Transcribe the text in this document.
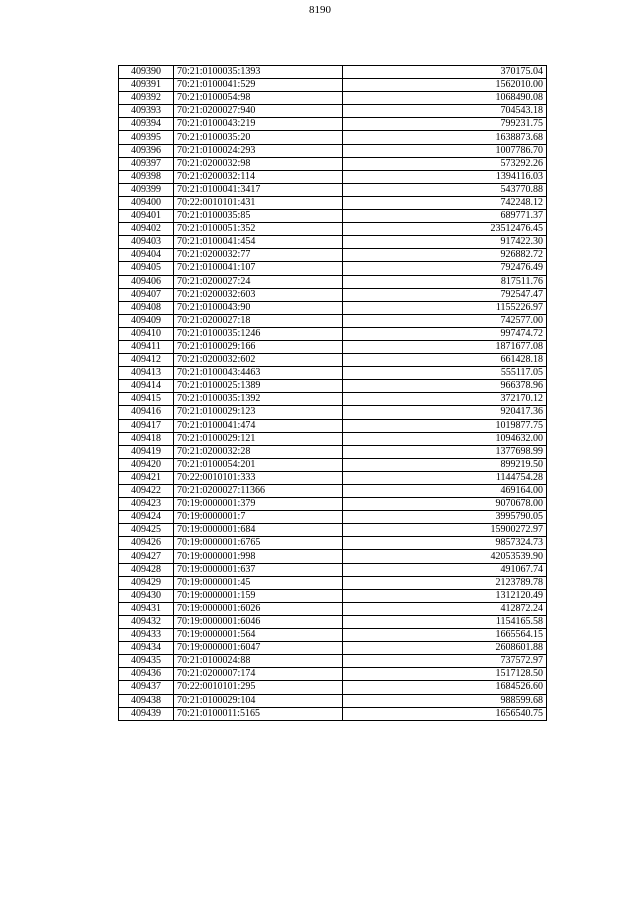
8190
409390	70:21:0100035:1393	370175.04
409391	70:21:0100041:529	1562010.00
409392	70:21:0100054:98	1068490.08
409393	70:21:0200027:940	704543.18
409394	70:21:0100043:219	799231.75
409395	70:21:0100035:20	1638873.68
409396	70:21:0100024:293	1007786.70
409397	70:21:0200032:98	573292.26
409398	70:21:0200032:114	1394116.03
409399	70:21:0100041:3417	543770.88
409400	70:22:0010101:431	742248.12
409401	70:21:0100035:85	689771.37
409402	70:21:0100051:352	23512476.45
409403	70:21:0100041:454	917422.30
409404	70:21:0200032:77	926882.72
409405	70:21:0100041:107	792476.49
409406	70:21:0200027:24	817511.76
409407	70:21:0200032:603	792547.47
409408	70:21:0100043:90	1155226.97
409409	70:21:0200027:18	742577.00
409410	70:21:0100035:1246	997474.72
409411	70:21:0100029:166	1871677.08
409412	70:21:0200032:602	661428.18
409413	70:21:0100043:4463	555117.05
409414	70:21:0100025:1389	966378.96
409415	70:21:0100035:1392	372170.12
409416	70:21:0100029:123	920417.36
409417	70:21:0100041:474	1019877.75
409418	70:21:0100029:121	1094632.00
409419	70:21:0200032:28	1377698.99
409420	70:21:0100054:201	899219.50
409421	70:22:0010101:333	1144754.28
409422	70:21:0200027:11366	469164.00
409423	70:19:0000001:379	9070678.00
409424	70:19:0000001:7	3995790.05
409425	70:19:0000001:684	15900272.97
409426	70:19:0000001:6765	9857324.73
409427	70:19:0000001:998	42053539.90
409428	70:19:0000001:637	491067.74
409429	70:19:0000001:45	2123789.78
409430	70:19:0000001:159	1312120.49
409431	70:19:0000001:6026	412872.24
409432	70:19:0000001:6046	1154165.58
409433	70:19:0000001:564	1665564.15
409434	70:19:0000001:6047	2608601.88
409435	70:21:0100024:88	737572.97
409436	70:21:0200007:174	1517128.50
409437	70:22:0010101:295	1684526.60
409438	70:21:0100029:104	988599.68
409439	70:21:0100011:5165	1656540.75
